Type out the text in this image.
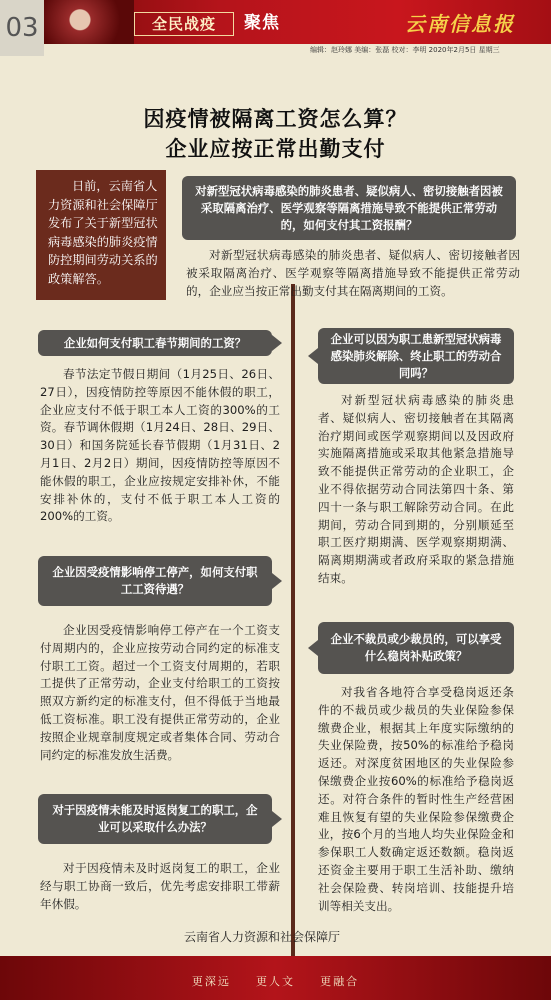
03	全民战疫	聚焦	云南信息报
编辑：赵玲娜 美编：张磊 校对：李明 2020年2月5日 星期三
因疫情被隔离工资怎么算？
企业应按正常出勤支付
日前，云南省人力资源和社会保障厅发布了关于新型冠状病毒感染的肺炎疫情防控期间劳动关系的政策解答。
对新型冠状病毒感染的肺炎患者、疑似病人、密切接触者因被采取隔离治疗、医学观察等隔离措施导致不能提供正常劳动的，如何支付其工资报酬？
对新型冠状病毒感染的肺炎患者、疑似病人、密切接触者因被采取隔离治疗、医学观察等隔离措施导致不能提供正常劳动的，企业应当按正常出勤支付其在隔离期间的工资。
企业如何支付职工春节期间的工资？
春节法定节假日期间（1月25日、26日、27日），因疫情防控等原因不能休假的职工，企业应支付不低于职工本人工资的300%的工资。春节调休假期（1月24日、28日、29日、30日）和国务院延长春节假期（1月31日、2月1日、2月2日）期间，因疫情防控等原因不能休假的职工，企业应按规定安排补休，不能安排补休的，支付不低于职工本人工资的200%的工资。
企业可以因为职工患新型冠状病毒感染肺炎解除、终止职工的劳动合同吗？
对新型冠状病毒感染的肺炎患者、疑似病人、密切接触者在其隔离治疗期间或医学观察期间以及因政府实施隔离措施或采取其他紧急措施导致不能提供正常劳动的企业职工，企业不得依据劳动合同法第四十条、第四十一条与职工解除劳动合同。在此期间，劳动合同到期的，分别顺延至职工医疗期期满、医学观察期期满、隔离期期满或者政府采取的紧急措施结束。
企业因受疫情影响停工停产，如何支付职工工资待遇？
企业因受疫情影响停工停产在一个工资支付周期内的，企业应按劳动合同约定的标准支付职工工资。超过一个工资支付周期的，若职工提供了正常劳动，企业支付给职工的工资按照双方新约定的标准支付，但不得低于当地最低工资标准。职工没有提供正常劳动的，企业按照企业规章制度规定或者集体合同、劳动合同约定的标准发放生活费。
企业不裁员或少裁员的，可以享受什么稳岗补贴政策？
对我省各地符合享受稳岗返还条件的不裁员或少裁员的失业保险参保缴费企业，根据其上年度实际缴纳的失业保险费，按50%的标准给予稳岗返还。对深度贫困地区的失业保险参保缴费企业按60%的标准给予稳岗返还。对符合条件的暂时性生产经营困难且恢复有望的失业保险参保缴费企业，按6个月的当地人均失业保险金和参保职工人数确定返还数额。稳岗返还资金主要用于职工生活补助、缴纳社会保险费、转岗培训、技能提升培训等相关支出。
对于因疫情未能及时返岗复工的职工，企业可以采取什么办法？
对于因疫情未及时返岗复工的职工，企业经与职工协商一致后，优先考虑安排职工带薪年休假。
云南省人力资源和社会保障厅
更深远 更人文 更融合
